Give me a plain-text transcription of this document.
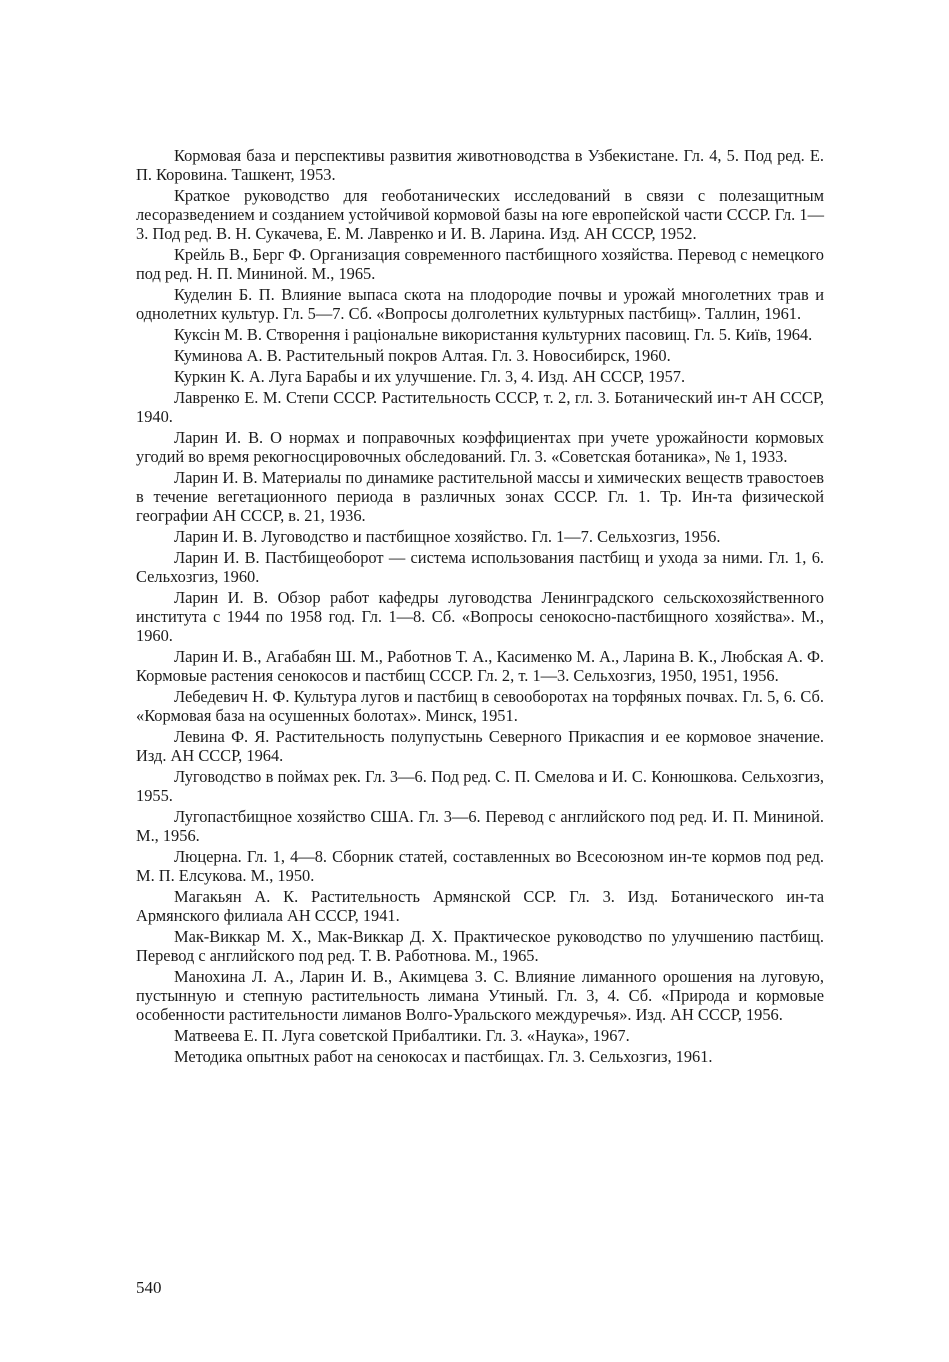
Кормовая база и перспективы развития животноводства в Узбекистане. Гл. 4, 5. Под ред. Е. П. Коровина. Ташкент, 1953.

Краткое руководство для геоботанических исследований в связи с полезащитным лесоразведением и созданием устойчивой кормовой базы на юге европейской части СССР. Гл. 1—3. Под ред. В. Н. Сукачева, Е. М. Лавренко и И. В. Ларина. Изд. АН СССР, 1952.

Крейль В., Берг Ф. Организация современного пастбищного хозяйства. Перевод с немецкого под ред. Н. П. Мининой. М., 1965.

Куделин Б. П. Влияние выпаса скота на плодородие почвы и урожай многолетних трав и однолетних культур. Гл. 5—7. Сб. «Вопросы долголетних культурных пастбищ». Таллин, 1961.

Куксін М. В. Створення і раціональне використання культурних пасовищ. Гл. 5. Київ, 1964.

Куминова А. В. Растительный покров Алтая. Гл. 3. Новосибирск, 1960.

Куркин К. А. Луга Барабы и их улучшение. Гл. 3, 4. Изд. АН СССР, 1957.

Лавренко Е. М. Степи СССР. Растительность СССР, т. 2, гл. 3. Ботанический ин-т АН СССР, 1940.

Ларин И. В. О нормах и поправочных коэффициентах при учете урожайности кормовых угодий во время рекогносцировочных обследований. Гл. 3. «Советская ботаника», № 1, 1933.

Ларин И. В. Материалы по динамике растительной массы и химических веществ травостоев в течение вегетационного периода в различных зонах СССР. Гл. 1. Тр. Ин-та физической географии АН СССР, в. 21, 1936.

Ларин И. В. Луговодство и пастбищное хозяйство. Гл. 1—7. Сельхозгиз, 1956.

Ларин И. В. Пастбищеоборот — система использования пастбищ и ухода за ними. Гл. 1, 6. Сельхозгиз, 1960.

Ларин И. В. Обзор работ кафедры луговодства Ленинградского сельскохозяйственного института с 1944 по 1958 год. Гл. 1—8. Сб. «Вопросы сенокосно-пастбищного хозяйства». М., 1960.

Ларин И. В., Агабабян Ш. М., Работнов Т. А., Касименко М. А., Ларина В. К., Любская А. Ф. Кормовые растения сенокосов и пастбищ СССР. Гл. 2, т. 1—3. Сельхозгиз, 1950, 1951, 1956.

Лебедевич Н. Ф. Культура лугов и пастбищ в севооборотах на торфяных почвах. Гл. 5, 6. Сб. «Кормовая база на осушенных болотах». Минск, 1951.

Левина Ф. Я. Растительность полупустынь Северного Прикаспия и ее кормовое значение. Изд. АН СССР, 1964.

Луговодство в поймах рек. Гл. 3—6. Под ред. С. П. Смелова и И. С. Конюшкова. Сельхозгиз, 1955.

Лугопастбищное хозяйство США. Гл. 3—6. Перевод с английского под ред. И. П. Мининой. М., 1956.

Люцерна. Гл. 1, 4—8. Сборник статей, составленных во Всесоюзном ин-те кормов под ред. М. П. Елсукова. М., 1950.

Магакьян А. К. Растительность Армянской ССР. Гл. 3. Изд. Ботанического ин-та Армянского филиала АН СССР, 1941.

Мак-Виккар М. Х., Мак-Виккар Д. Х. Практическое руководство по улучшению пастбищ. Перевод с английского под ред. Т. В. Работнова. М., 1965.

Манохина Л. А., Ларин И. В., Акимцева З. С. Влияние лиманного орошения на луговую, пустынную и степную растительность лимана Утиный. Гл. 3, 4. Сб. «Природа и кормовые особенности растительности лиманов Волго-Уральского междуречья». Изд. АН СССР, 1956.

Матвеева Е. П. Луга советской Прибалтики. Гл. 3. «Наука», 1967.

Методика опытных работ на сенокосах и пастбищах. Гл. 3. Сельхозгиз, 1961.

540
